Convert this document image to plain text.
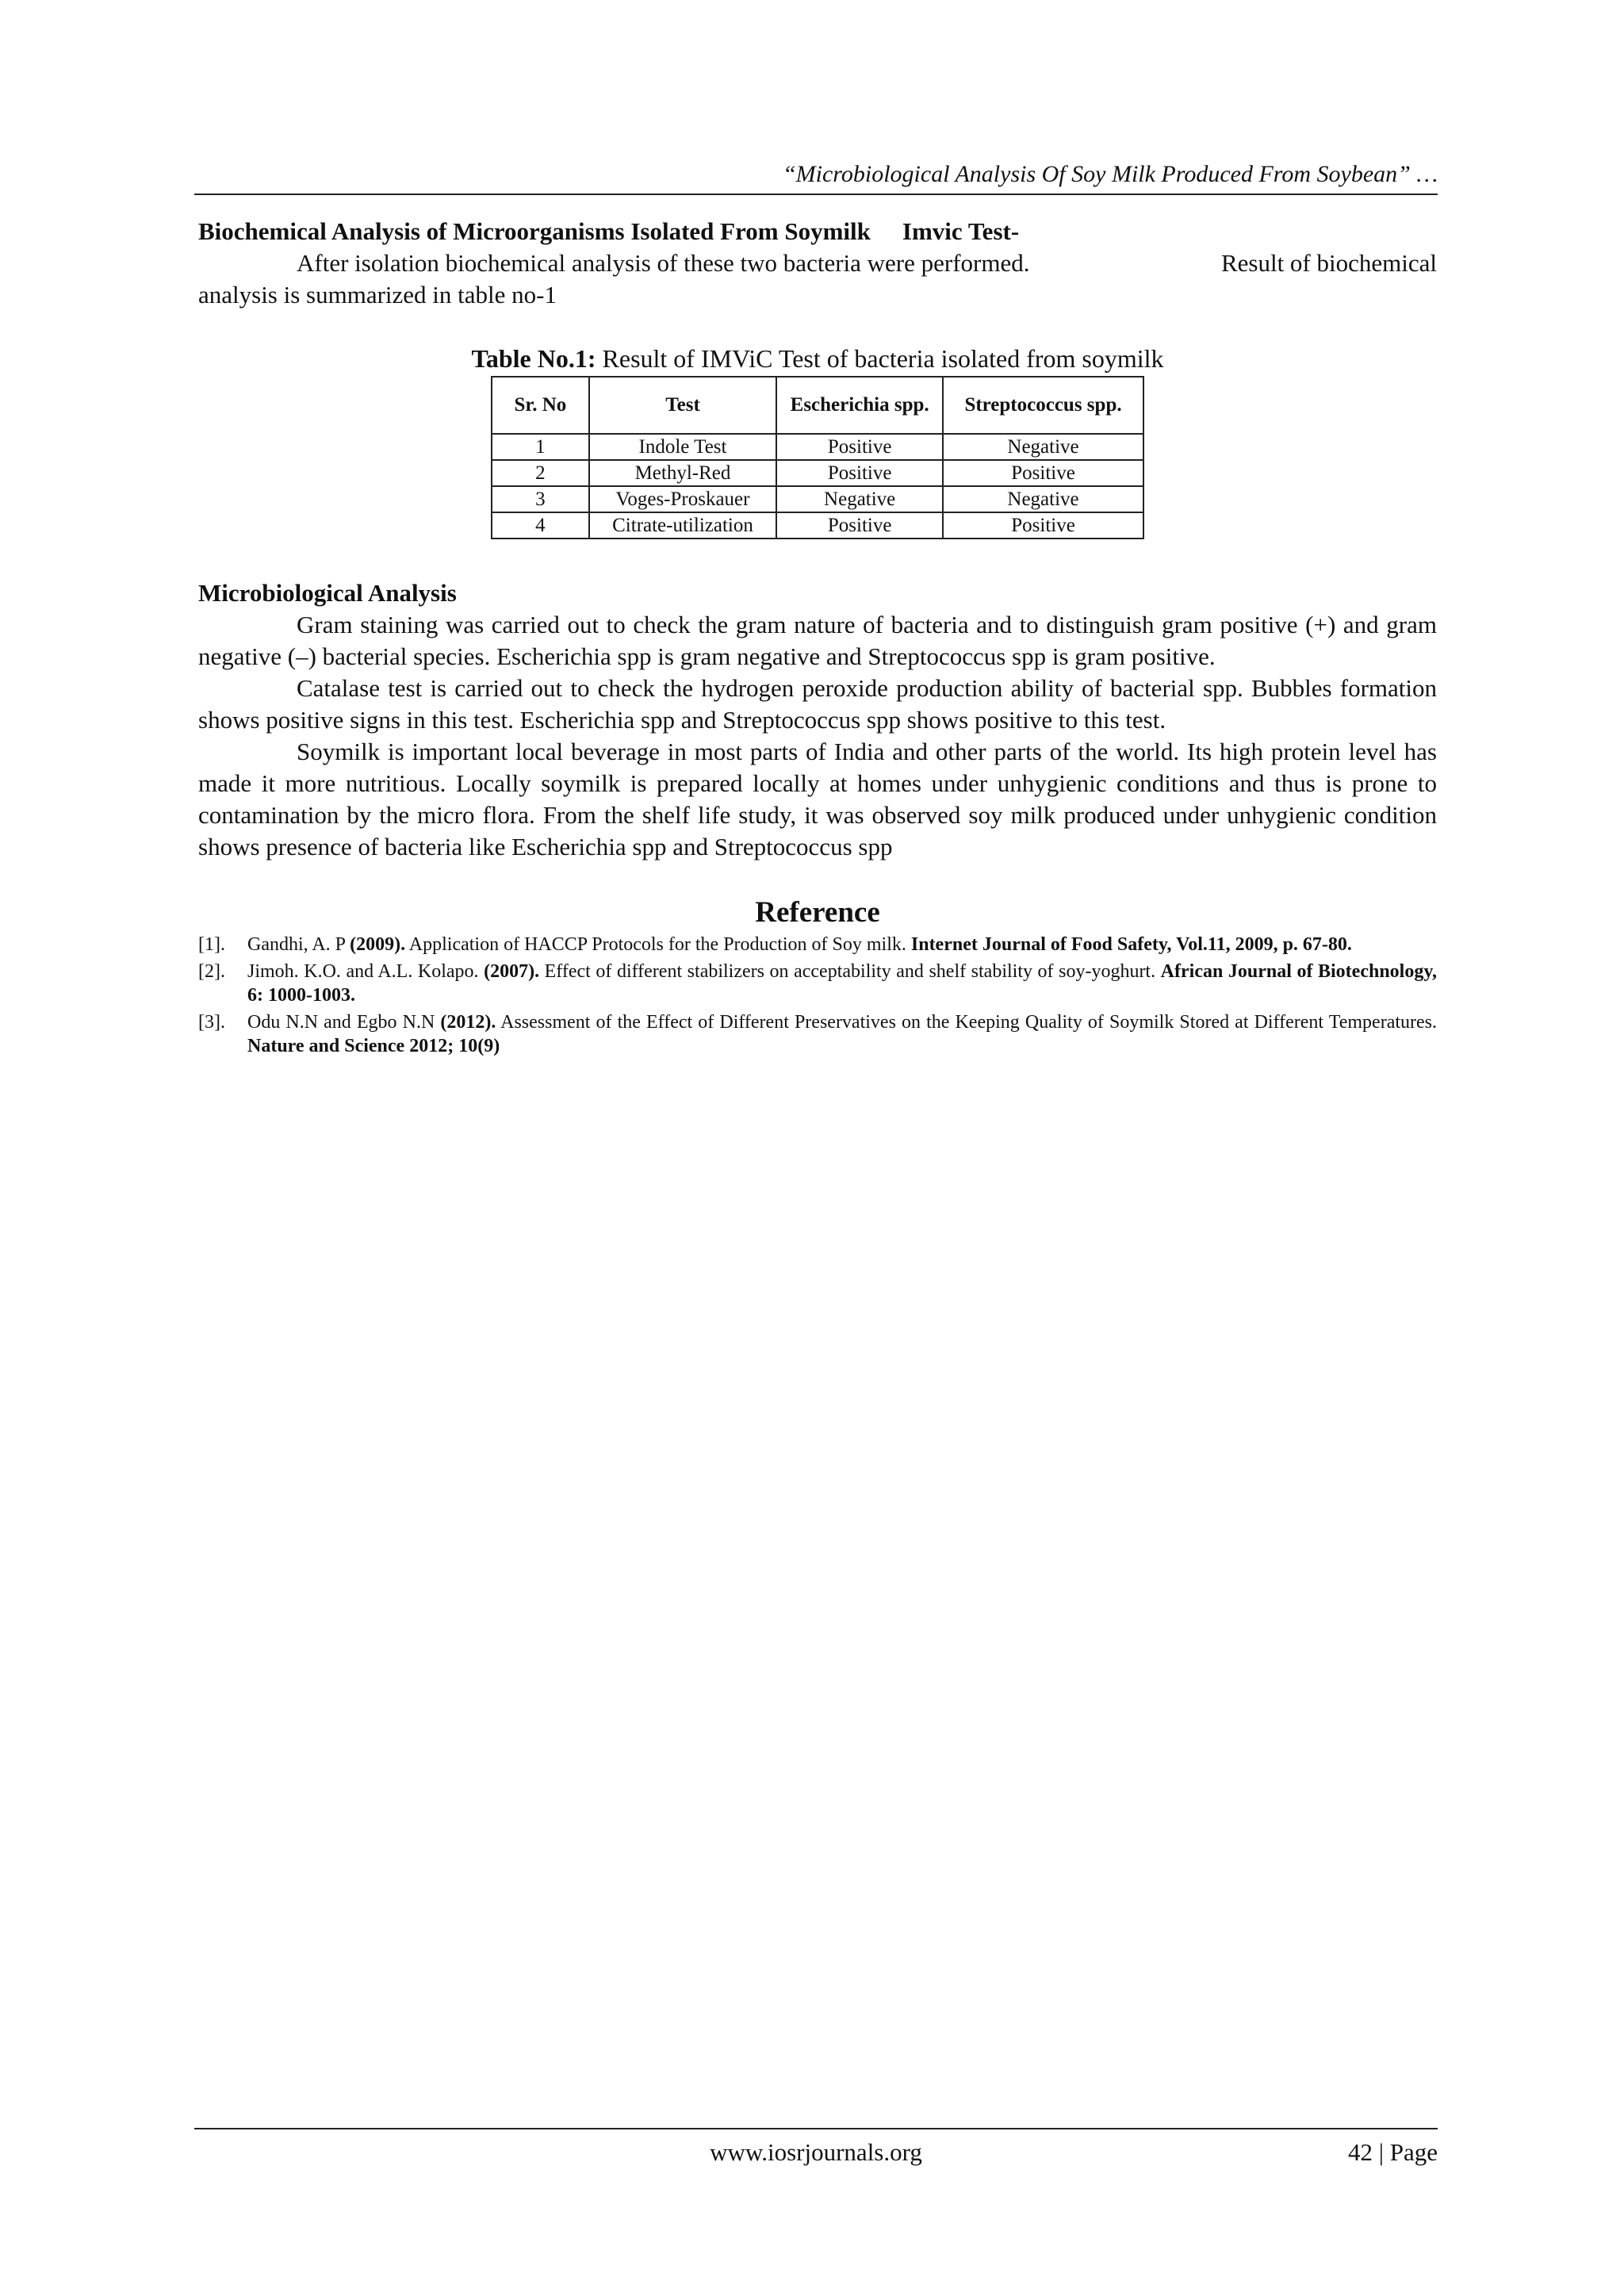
“Microbiological Analysis Of Soy Milk Produced From Soybean” …
Biochemical Analysis of Microorganisms Isolated From Soymilk Imvic Test-
After isolation biochemical analysis of these two bacteria were performed.	Result of biochemical

analysis is summarized in table no-1

Table No.1: Result of IMViC Test of bacteria isolated from soymilk
Sr. No	Test	Escherichia spp.	Streptococcus spp.
1	Indole Test	Positive	Negative
2	Methyl-Red	Positive	Positive
3	Voges-Proskauer	Negative	Negative
4	Citrate-utilization	Positive	Positive
Microbiological Analysis

Gram staining was carried out to check the gram nature of bacteria and to distinguish gram positive (+) and gram negative (–) bacterial species. Escherichia spp is gram negative and Streptococcus spp is gram positive.

Catalase test is carried out to check the hydrogen peroxide production ability of bacterial spp. Bubbles formation shows positive signs in this test. Escherichia spp and Streptococcus spp shows positive to this test.

Soymilk is important local beverage in most parts of India and other parts of the world. Its high protein level has made it more nutritious. Locally soymilk is prepared locally at homes under unhygienic conditions and thus is prone to contamination by the micro flora. From the shelf life study, it was observed soy milk produced under unhygienic condition shows presence of bacteria like Escherichia spp and Streptococcus spp

Reference
[1].	Gandhi, A. P (2009). Application of HACCP Protocols for the Production of Soy milk. Internet Journal of Food Safety, Vol.11, 2009, p. 67-80.
[2].	Jimoh. K.O. and A.L. Kolapo. (2007). Effect of different stabilizers on acceptability and shelf stability of soy-yoghurt. African Journal of Biotechnology, 6: 1000-1003.
[3].	Odu N.N and Egbo N.N (2012). Assessment of the Effect of Different Preservatives on the Keeping Quality of Soymilk Stored at Different Temperatures. Nature and Science 2012; 10(9)
www.iosrjournals.org	42 | Page
